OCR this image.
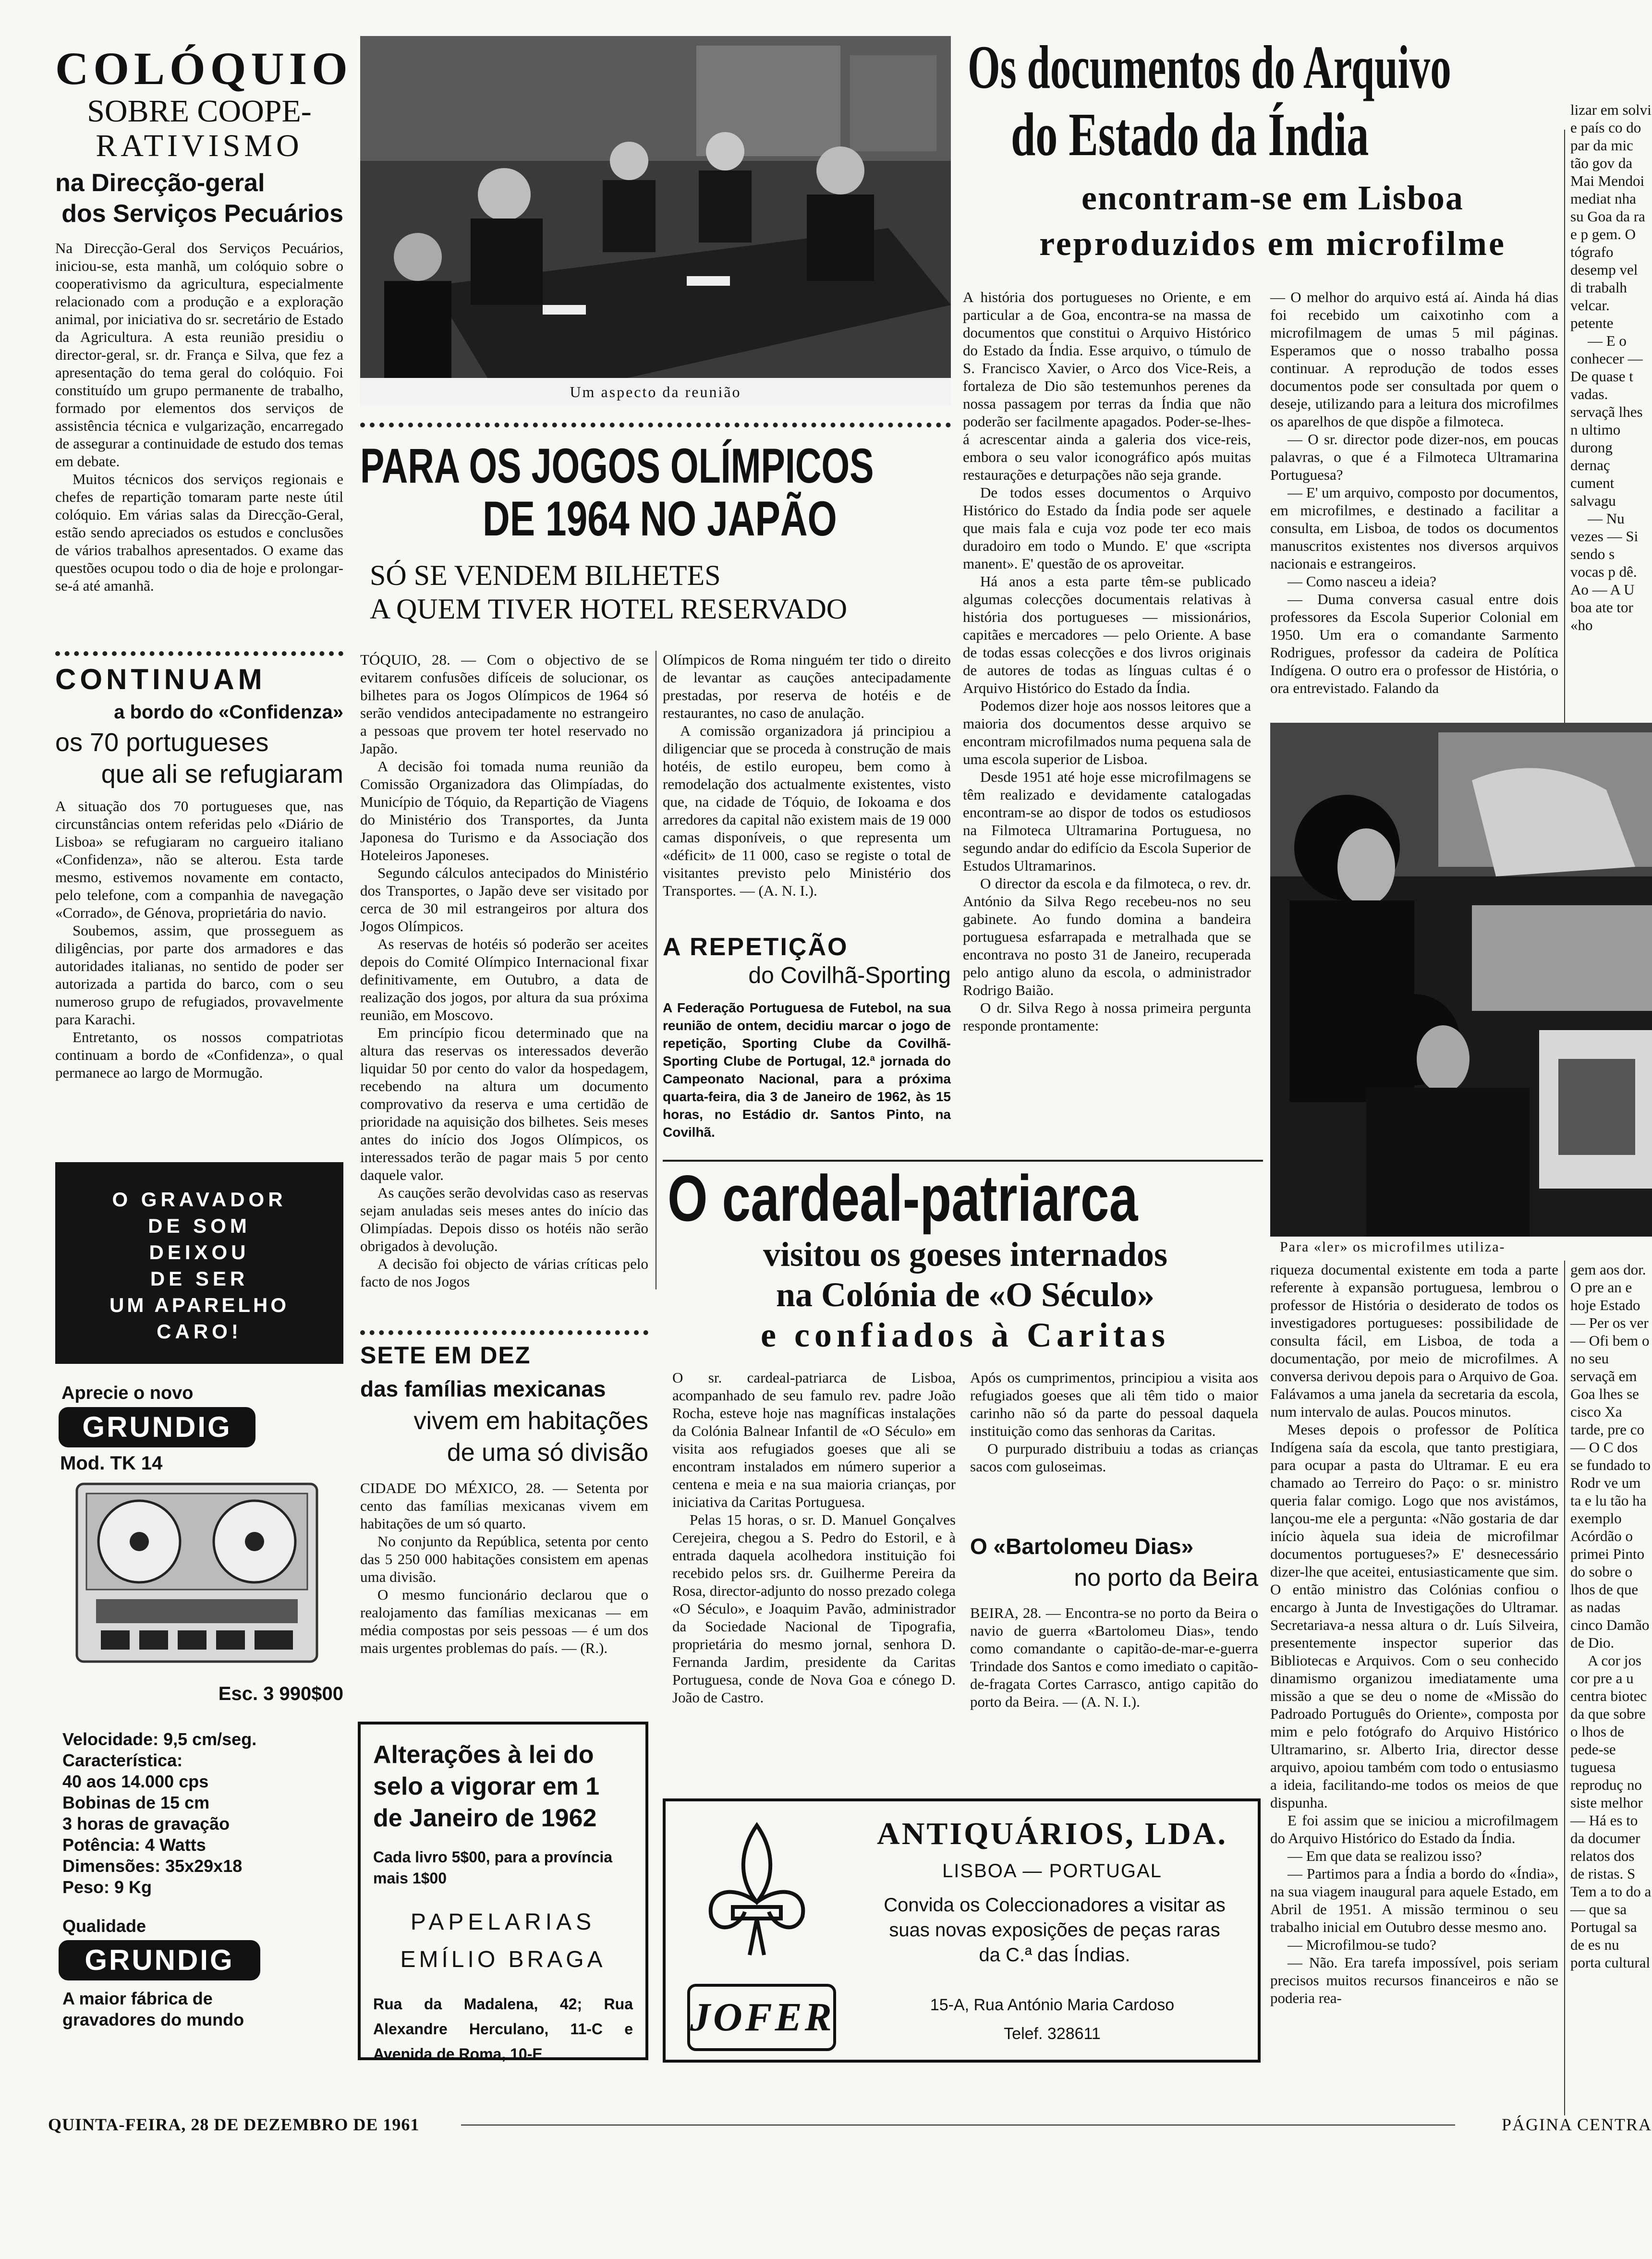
COLÓQUIO
SOBRE COOPE-
RATIVISMO
na Direcção-geral
dos Serviços Pecuários

Na Direcção-Geral dos Serviços Pecuários, iniciou-se, esta manhã, um colóquio sobre o cooperativismo da agricultura, especialmente relacionado com a produção e a exploração animal, por iniciativa do sr. secretário de Estado da Agricultura. A esta reunião presidiu o director-geral, sr. dr. França e Silva, que fez a apresentação do tema geral do colóquio. Foi constituído um grupo permanente de trabalho, formado por elementos dos serviços de assistência técnica e vulgarização, encarregado de assegurar a continuidade de estudo dos temas em debate.

Muitos técnicos dos serviços regionais e chefes de repartição tomaram parte neste útil colóquio. Em várias salas da Direcção-Geral, estão sendo apreciados os estudos e conclusões de vários trabalhos apresentados. O exame das questões ocupou todo o dia de hoje e prolongar-se-á até amanhã.

CONTINUAM
a bordo do «Confidenza»
os 70 portugueses
que ali se refugiaram

A situação dos 70 portugueses que, nas circunstâncias ontem referidas pelo «Diário de Lisboa» se refugiaram no cargueiro italiano «Confidenza», não se alterou. Esta tarde mesmo, estivemos novamente em contacto, pelo telefone, com a companhia de navegação «Corrado», de Génova, proprietária do navio.

Soubemos, assim, que prosseguem as diligências, por parte dos armadores e das autoridades italianas, no sentido de poder ser autorizada a partida do barco, com o seu numeroso grupo de refugiados, provavelmente para Karachi.

Entretanto, os nossos compatriotas continuam a bordo de «Confidenza», o qual permanece ao largo de Mormugão.

O GRAVADOR
DE SOM
DEIXOU
DE SER
UM APARELHO
CARO!
Aprecie o novo
GRUNDIG
Mod. TK 14
Esc. 3 990$00
Velocidade: 9,5 cm/seg.
Característica:
40 aos 14.000 cps
Bobinas de 15 cm
3 horas de gravação
Potência: 4 Watts
Dimensões: 35x29x18
Peso: 9 Kg
Qualidade
GRUNDIG
A maior fábrica de
gravadores do mundo
Um aspecto da reunião
PARA OS JOGOS OLÍMPICOS
DE 1964 NO JAPÃO
SÓ SE VENDEM BILHETES
A QUEM TIVER HOTEL RESERVADO

TÓQUIO, 28. — Com o objectivo de se evitarem confusões difíceis de solucionar, os bilhetes para os Jogos Olímpicos de 1964 só serão vendidos antecipadamente no estrangeiro a pessoas que provem ter hotel reservado no Japão.

A decisão foi tomada numa reunião da Comissão Organizadora das Olimpíadas, do Município de Tóquio, da Repartição de Viagens do Ministério dos Transportes, da Junta Japonesa do Turismo e da Associação dos Hoteleiros Japoneses.

Segundo cálculos antecipados do Ministério dos Transportes, o Japão deve ser visitado por cerca de 30 mil estrangeiros por altura dos Jogos Olímpicos.

As reservas de hotéis só poderão ser aceites depois do Comité Olímpico Internacional fixar definitivamente, em Outubro, a data de realização dos jogos, por altura da sua próxima reunião, em Moscovo.

Em princípio ficou determinado que na altura das reservas os interessados deverão liquidar 50 por cento do valor da hospedagem, recebendo na altura um documento comprovativo da reserva e uma certidão de prioridade na aquisição dos bilhetes. Seis meses antes do início dos Jogos Olímpicos, os interessados terão de pagar mais 5 por cento daquele valor.

As cauções serão devolvidas caso as reservas sejam anuladas seis meses antes do início das Olimpíadas. Depois disso os hotéis não serão obrigados à devolução.

A decisão foi objecto de várias críticas pelo facto de nos Jogos

Olímpicos de Roma ninguém ter tido o direito de levantar as cauções antecipadamente prestadas, por reserva de hotéis e de restaurantes, no caso de anulação.

A comissão organizadora já principiou a diligenciar que se proceda à construção de mais hotéis, de estilo europeu, bem como à remodelação dos actualmente existentes, visto que, na cidade de Tóquio, de Iokoama e dos arredores da capital não existem mais de 19 000 camas disponíveis, o que representa um «déficit» de 11 000, caso se registe o total de visitantes previsto pelo Ministério dos Transportes. — (A. N. I.).

A REPETIÇÃO
do Covilhã-Sporting

A Federação Portuguesa de Futebol, na sua reunião de ontem, decidiu marcar o jogo de repetição, Sporting Clube da Covilhã-Sporting Clube de Portugal, 12.ª jornada do Campeonato Nacional, para a próxima quarta-feira, dia 3 de Janeiro de 1962, às 15 horas, no Estádio dr. Santos Pinto, na Covilhã.

SETE EM DEZ
das famílias mexicanas
vivem em habitações
de uma só divisão

CIDADE DO MÉXICO, 28. — Setenta por cento das famílias mexicanas vivem em habitações de um só quarto.

No conjunto da República, setenta por cento das 5 250 000 habitações consistem em apenas uma divisão.

O mesmo funcionário declarou que o realojamento das famílias mexicanas — em média compostas por seis pessoas — é um dos mais urgentes problemas do país. — (R.).

Alterações à lei do selo a vigorar em 1 de Janeiro de 1962
Cada livro 5$00, para a província mais 1$00
PAPELARIAS
EMÍLIO BRAGA
Rua da Madalena, 42; Rua Alexandre Herculano, 11-C e Avenida de Roma, 10-E
Os documentos do Arquivo
do Estado da Índia
encontram-se em Lisboa
reproduzidos em microfilme

A história dos portugueses no Oriente, e em particular a de Goa, encontra-se na massa de documentos que constitui o Arquivo Histórico do Estado da Índia. Esse arquivo, o túmulo de S. Francisco Xavier, o Arco dos Vice-Reis, a fortaleza de Dio são testemunhos perenes da nossa passagem por terras da Índia que não poderão ser facilmente apagados. Poder-se-lhes-á acrescentar ainda a galeria dos vice-reis, embora o seu valor iconográfico após muitas restaurações e deturpações não seja grande.

De todos esses documentos o Arquivo Histórico do Estado da Índia pode ser aquele que mais fala e cuja voz pode ter eco mais duradoiro em todo o Mundo. E' que «scripta manent». E' questão de os aproveitar.

Há anos a esta parte têm-se publicado algumas colecções documentais relativas à história dos portugueses — missionários, capitães e mercadores — pelo Oriente. A base de todas essas colecções e dos livros originais de autores de todas as línguas cultas é o Arquivo Histórico do Estado da Índia.

Podemos dizer hoje aos nossos leitores que a maioria dos documentos desse arquivo se encontram microfilmados numa pequena sala de uma escola superior de Lisboa.

Desde 1951 até hoje esse microfilmagens se têm realizado e devidamente catalogadas encontram-se ao dispor de todos os estudiosos na Filmoteca Ultramarina Portuguesa, no segundo andar do edifício da Escola Superior de Estudos Ultramarinos.

O director da escola e da filmoteca, o rev. dr. António da Silva Rego recebeu-nos no seu gabinete. Ao fundo domina a bandeira portuguesa esfarrapada e metralhada que se encontrava no posto 31 de Janeiro, recuperada pelo antigo aluno da escola, o administrador Rodrigo Baião.

O dr. Silva Rego à nossa primeira pergunta responde prontamente:

— O melhor do arquivo está aí. Ainda há dias foi recebido um caixotinho com a microfilmagem de umas 5 mil páginas. Esperamos que o nosso trabalho possa continuar. A reprodução de todos esses documentos pode ser consultada por quem o deseje, utilizando para a leitura dos microfilmes os aparelhos de que dispõe a filmoteca.

— O sr. director pode dizer-nos, em poucas palavras, o que é a Filmoteca Ultramarina Portuguesa?

— E' um arquivo, composto por documentos, em microfilmes, e destinado a facilitar a consulta, em Lisboa, de todos os documentos manuscritos existentes nos diversos arquivos nacionais e estrangeiros.

— Como nasceu a ideia?

— Duma conversa casual entre dois professores da Escola Superior Colonial em 1950. Um era o comandante Sarmento Rodrigues, professor da cadeira de Política Indígena. O outro era o professor de História, o ora entrevistado. Falando da

lizar em solvi e país co do par da mic tão gov da Mai Mendoi mediat nha su Goa da ra e p gem. O tógrafo desemp vel di trabalh velcar. petente

— E o conhecer — De quase t vadas. servaçã lhes n ultimo durong dernaç cument salvagu

— Nu vezes — Si sendo s vocas p dê. Ao — A U boa ate tor «ho

Para «ler» os microfilmes utiliza-

riqueza documental existente em toda a parte referente à expansão portuguesa, lembrou o professor de História o desiderato de todos os investigadores portugueses: possibilidade de consulta fácil, em Lisboa, de toda a documentação, por meio de microfilmes. A conversa derivou depois para o Arquivo de Goa. Falávamos a uma janela da secretaria da escola, num intervalo de aulas. Poucos minutos.

Meses depois o professor de Política Indígena saía da escola, que tanto prestigiara, para ocupar a pasta do Ultramar. E eu era chamado ao Terreiro do Paço: o sr. ministro queria falar comigo. Logo que nos avistámos, lançou-me ele a pergunta: «Não gostaria de dar início àquela sua ideia de microfilmar documentos portugueses?» E' desnecessário dizer-lhe que aceitei, entusiasticamente que sim. O então ministro das Colónias confiou o encargo à Junta de Investigações do Ultramar. Secretariava-a nessa altura o dr. Luís Silveira, presentemente inspector superior das Bibliotecas e Arquivos. Com o seu conhecido dinamismo organizou imediatamente uma missão a que se deu o nome de «Missão do Padroado Português do Oriente», composta por mim e pelo fotógrafo do Arquivo Histórico Ultramarino, sr. Alberto Iria, director desse arquivo, apoiou também com todo o entusiasmo a ideia, facilitando-me todos os meios de que dispunha.

E foi assim que se iniciou a microfilmagem do Arquivo Histórico do Estado da Índia.

— Em que data se realizou isso?

— Partimos para a Índia a bordo do «Índia», na sua viagem inaugural para aquele Estado, em Abril de 1951. A missão terminou o seu trabalho inicial em Outubro desse mesmo ano.

— Microfilmou-se tudo?

— Não. Era tarefa impossível, pois seriam precisos muitos recursos financeiros e não se poderia rea-

gem aos dor. O pre an e hoje Estado — Per os ver — Ofi bem o no seu servaçã em Goa lhes se cisco Xa tarde, pre co — O C dos se fundado to Rodr ve um ta e lu tão ha exemplo Acórdão o primei Pinto do sobre o lhos de que as nadas cinco Damão de Dio.

A cor jos cor pre a u centra biotec da que sobre o lhos de pede-se tuguesa reproduç no siste melhor — Há es to da documer relatos dos de ristas. S Tem a to do a — que sa Portugal sa de es nu porta cultural

O cardeal-patriarca
visitou os goeses internados
na Colónia de «O Século»
e confiados à Caritas

O sr. cardeal-patriarca de Lisboa, acompanhado de seu famulo rev. padre João Rocha, esteve hoje nas magníficas instalações da Colónia Balnear Infantil de «O Século» em visita aos refugiados goeses que ali se encontram instalados em número superior a centena e meia e na sua maioria crianças, por iniciativa da Caritas Portuguesa.

Pelas 15 horas, o sr. D. Manuel Gonçalves Cerejeira, chegou a S. Pedro do Estoril, e à entrada daquela acolhedora instituição foi recebido pelos srs. dr. Guilherme Pereira da Rosa, director-adjunto do nosso prezado colega «O Século», e Joaquim Pavão, administrador da Sociedade Nacional de Tipografia, proprietária do mesmo jornal, senhora D. Fernanda Jardim, presidente da Caritas Portuguesa, conde de Nova Goa e cónego D. João de Castro.

Após os cumprimentos, principiou a visita aos refugiados goeses que ali têm tido o maior carinho não só da parte do pessoal daquela instituição como das senhoras da Caritas.

O purpurado distribuiu a todas as crianças sacos com guloseimas.

O «Bartolomeu Dias»
no porto da Beira

BEIRA, 28. — Encontra-se no porto da Beira o navio de guerra «Bartolomeu Dias», tendo como comandante o capitão-de-mar-e-guerra Trindade dos Santos e como imediato o capitão-de-fragata Cortes Carrasco, antigo capitão do porto da Beira. — (A. N. I.).

JOFER
ANTIQUÁRIOS, LDA.
LISBOA — PORTUGAL
Convida os Coleccionadores a visitar as suas novas exposições de peças raras da C.ª das Índias.
15-A, Rua António Maria Cardoso
Telef. 328611
QUINTA-FEIRA, 28 DE DEZEMBRO DE 1961	PÁGINA CENTRA
